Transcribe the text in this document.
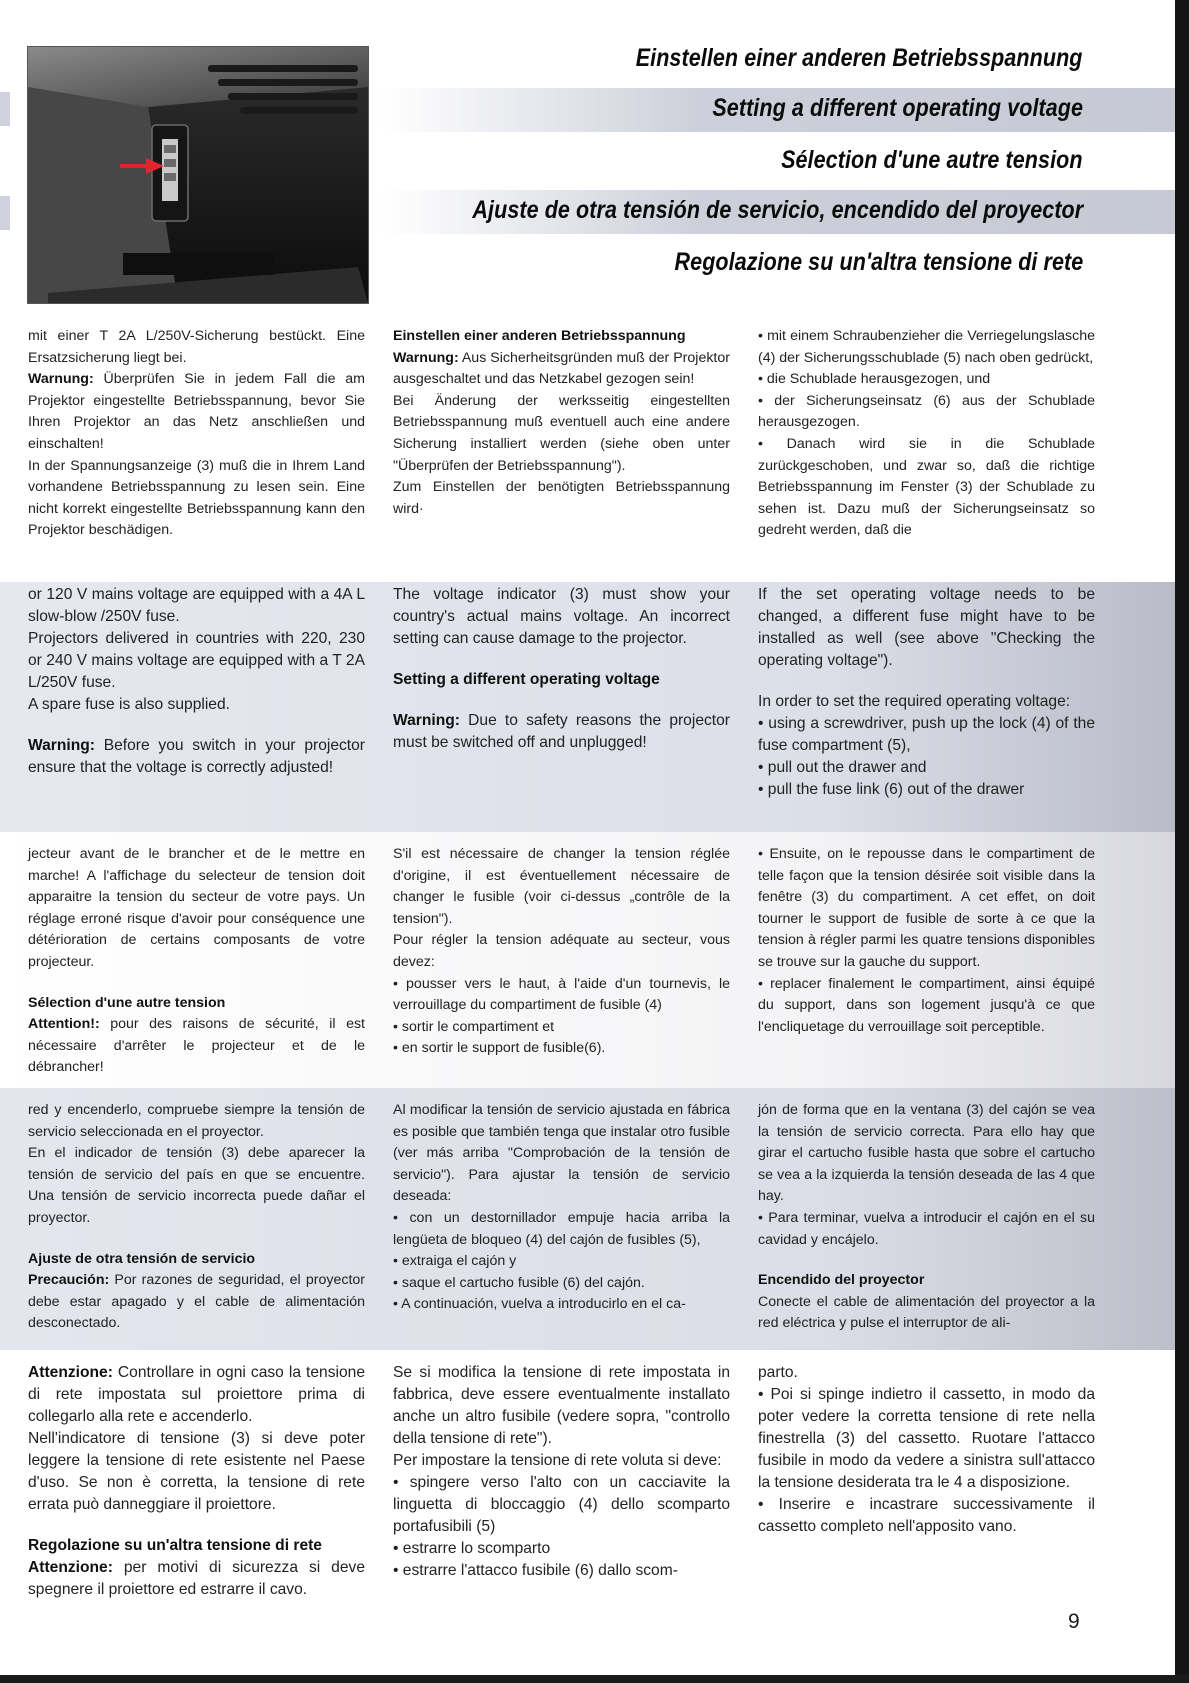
Einstellen einer anderen Betriebsspannung
Setting a different operating voltage
Sélection d'une autre tension
Ajuste de otra tensión de servicio, encendido del proyector
Regolazione su un'altra tensione di rete

mit einer T 2A L/250V-Sicherung bestückt. Eine Ersatzsicherung liegt bei.

Warnung: Überprüfen Sie in jedem Fall die am Projektor eingestellte Betriebsspannung, bevor Sie Ihren Projektor an das Netz anschließen und einschalten!

In der Spannungsanzeige (3) muß die in Ihrem Land vorhandene Betriebsspannung zu lesen sein. Eine nicht korrekt eingestellte Betriebsspannung kann den Projektor beschädigen.

Einstellen einer anderen Betriebsspannung

Warnung: Aus Sicherheitsgründen muß der Projektor ausgeschaltet und das Netzkabel gezogen sein!

Bei Änderung der werksseitig eingestellten Betriebsspannung muß eventuell auch eine andere Sicherung installiert werden (siehe oben unter "Überprüfen der Betriebsspannung").

Zum Einstellen der benötigten Betriebsspannung wird·

• mit einem Schraubenzieher die Verriegelungslasche (4) der Sicherungsschublade (5) nach oben gedrückt,

• die Schublade herausgezogen, und

• der Sicherungseinsatz (6) aus der Schublade herausgezogen.

• Danach wird sie in die Schublade zurückgeschoben, und zwar so, daß die richtige Betriebsspannung im Fenster (3) der Schublade zu sehen ist. Dazu muß der Sicherungseinsatz so gedreht werden, daß die

or 120 V mains voltage are equipped with a 4A L slow-blow /250V fuse.

Projectors delivered in countries with 220, 230 or 240 V mains voltage are equipped with a T 2A L/250V fuse.

A spare fuse is also supplied.

Warning: Before you switch in your projector ensure that the voltage is correctly adjusted!

The voltage indicator (3) must show your country's actual mains voltage. An incorrect setting can cause damage to the projector.

Setting a different operating voltage

Warning: Due to safety reasons the projector must be switched off and unplugged!

If the set operating voltage needs to be changed, a different fuse might have to be installed as well (see above "Checking the operating voltage").

In order to set the required operating voltage:

• using a screwdriver, push up the lock (4) of the fuse compartment (5),

• pull out the drawer and

• pull the fuse link (6) out of the drawer

jecteur avant de le brancher et de le mettre en marche! A l'affichage du selecteur de tension doit apparaitre la tension du secteur de votre pays. Un réglage erroné risque d'avoir pour conséquence une détérioration de certains composants de votre projecteur.

Sélection d'une autre tension

Attention!: pour des raisons de sécurité, il est nécessaire d'arrêter le projecteur et de le débrancher!

S'il est nécessaire de changer la tension réglée d'origine, il est éventuellement nécessaire de changer le fusible (voir ci-dessus „contrôle de la tension").

Pour régler la tension adéquate au secteur, vous devez:

• pousser vers le haut, à l'aide d'un tournevis, le verrouillage du compartiment de fusible (4)

• sortir le compartiment et

• en sortir le support de fusible(6).

• Ensuite, on le repousse dans le compartiment de telle façon que la tension désirée soit visible dans la fenêtre (3) du compartiment. A cet effet, on doit tourner le support de fusible de sorte à ce que la tension à régler parmi les quatre tensions disponibles se trouve sur la gauche du support.

• replacer finalement le compartiment, ainsi équipé du support, dans son logement jusqu'à ce que l'encliquetage du verrouillage soit perceptible.

red y encenderlo, compruebe siempre la tensión de servicio seleccionada en el proyector.

En el indicador de tensión (3) debe aparecer la tensión de servicio del país en que se encuentre. Una tensión de servicio incorrecta puede dañar el proyector.

Ajuste de otra tensión de servicio

Precaución: Por razones de seguridad, el proyector debe estar apagado y el cable de alimentación desconectado.

Al modificar la tensión de servicio ajustada en fábrica es posible que también tenga que instalar otro fusible (ver más arriba "Comprobación de la tensión de servicio"). Para ajustar la tensión de servicio deseada:

• con un destornillador empuje hacia arriba la lengüeta de bloqueo (4) del cajón de fusibles (5),

• extraiga el cajón y

• saque el cartucho fusible (6) del cajón.

• A continuación, vuelva a introducirlo en el ca-

jón de forma que en la ventana (3) del cajón se vea la tensión de servicio correcta. Para ello hay que girar el cartucho fusible hasta que sobre el cartucho se vea a la izquierda la tensión deseada de las 4 que hay.

• Para terminar, vuelva a introducir el cajón en el su cavidad y encájelo.

Encendido del proyector

Conecte el cable de alimentación del proyector a la red eléctrica y pulse el interruptor de ali-

Attenzione: Controllare in ogni caso la tensione di rete impostata sul proiettore prima di collegarlo alla rete e accenderlo.

Nell'indicatore di tensione (3) si deve poter leggere la tensione di rete esistente nel Paese d'uso. Se non è corretta, la tensione di rete errata può danneggiare il proiettore.

Regolazione su un'altra tensione di rete

Attenzione: per motivi di sicurezza si deve spegnere il proiettore ed estrarre il cavo.

Se si modifica la tensione di rete impostata in fabbrica, deve essere eventualmente installato anche un altro fusibile (vedere sopra, "controllo della tensione di rete").

Per impostare la tensione di rete voluta si deve:

• spingere verso l'alto con un cacciavite la linguetta di bloccaggio (4) dello scomparto portafusibili (5)

• estrarre lo scomparto

• estrarre l'attacco fusibile (6) dallo scom-

parto.

• Poi si spinge indietro il cassetto, in modo da poter vedere la corretta tensione di rete nella finestrella (3) del cassetto. Ruotare l'attacco fusibile in modo da vedere a sinistra sull'attacco la tensione desiderata tra le 4 a disposizione.

• Inserire e incastrare successivamente il cassetto completo nell'apposito vano.

9
